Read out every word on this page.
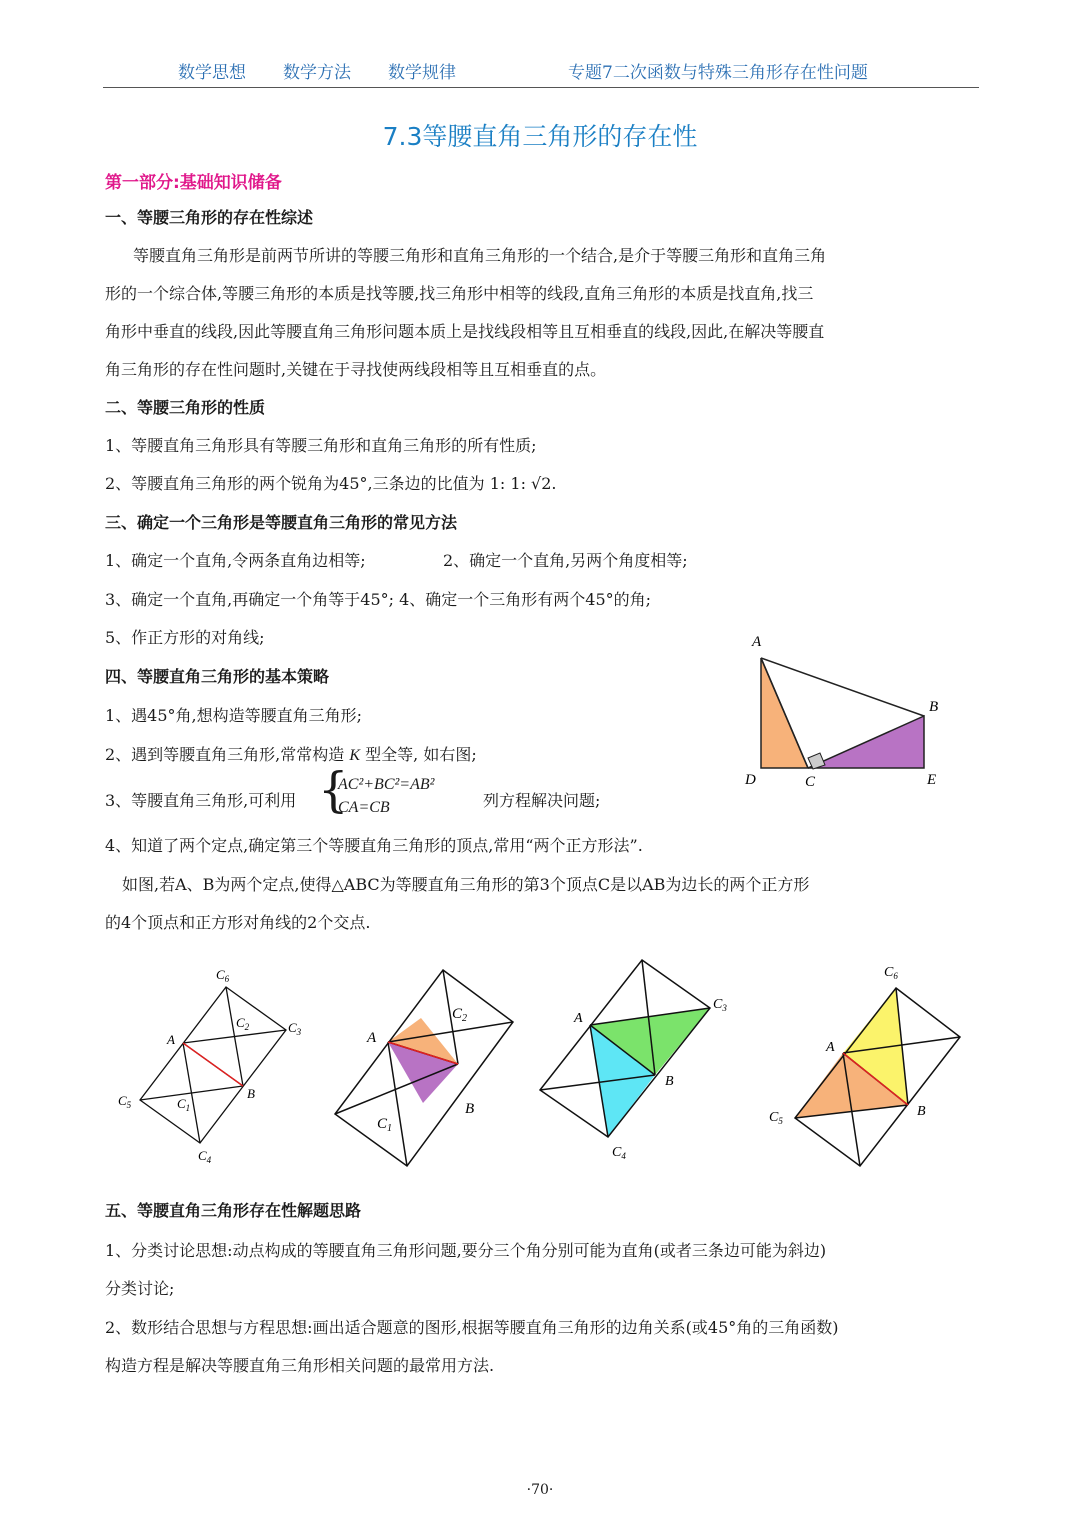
数学思想 数学方法 数学规律	专题7二次函数与特殊三角形存在性问题
7.3等腰直角三角形的存在性
第一部分:基础知识储备
一、等腰三角形的存在性综述
等腰直角三角形是前两节所讲的等腰三角形和直角三角形的一个结合,是介于等腰三角形和直角三角
形的一个综合体,等腰三角形的本质是找等腰,找三角形中相等的线段,直角三角形的本质是找直角,找三
角形中垂直的线段,因此等腰直角三角形问题本质上是找线段相等且互相垂直的线段,因此,在解决等腰直
角三角形的存在性问题时,关键在于寻找使两线段相等且互相垂直的点。
二、等腰三角形的性质
1、等腰直角三角形具有等腰三角形和直角三角形的所有性质;
2、等腰直角三角形的两个锐角为45°,三条边的比值为 1: 1: √2.
三、确定一个三角形是等腰直角三角形的常见方法
1、确定一个直角,令两条直角边相等;	2、确定一个直角,另两个角度相等;
3、确定一个直角,再确定一个角等于45°; 4、确定一个三角形有两个45°的角;
5、作正方形的对角线;
四、等腰直角三角形的基本策略
1、遇45°角,想构造等腰直角三角形;
2、遇到等腰直角三角形,常常构造 K 型全等, 如右图;
3、等腰直角三角形,可利用 {
AC²+BC²=AB²
CA=CB	列方程解决问题;
4、知道了两个定点,确定第三个等腰直角三角形的顶点,常用“两个正方形法”.
如图,若A、B为两个定点,使得△ABC为等腰直角三角形的第3个顶点C是以AB为边长的两个正方形
的4个顶点和正方形对角线的2个交点.
A
B
C
D	E
$C_6$
$C_2$	$C_3$
A
B
$C_1$
$C_5$
$C_4$
A
B
$C_2$
$C_1$
A
B
$C_3$
$C_4$
A
B
$C_6$
$C_5$
五、等腰直角三角形存在性解题思路
1、分类讨论思想:动点构成的等腰直角三角形问题,要分三个角分别可能为直角(或者三条边可能为斜边)
分类讨论;
2、数形结合思想与方程思想:画出适合题意的图形,根据等腰直角三角形的边角关系(或45°角的三角函数)
构造方程是解决等腰直角三角形相关问题的最常用方法.
·70·
